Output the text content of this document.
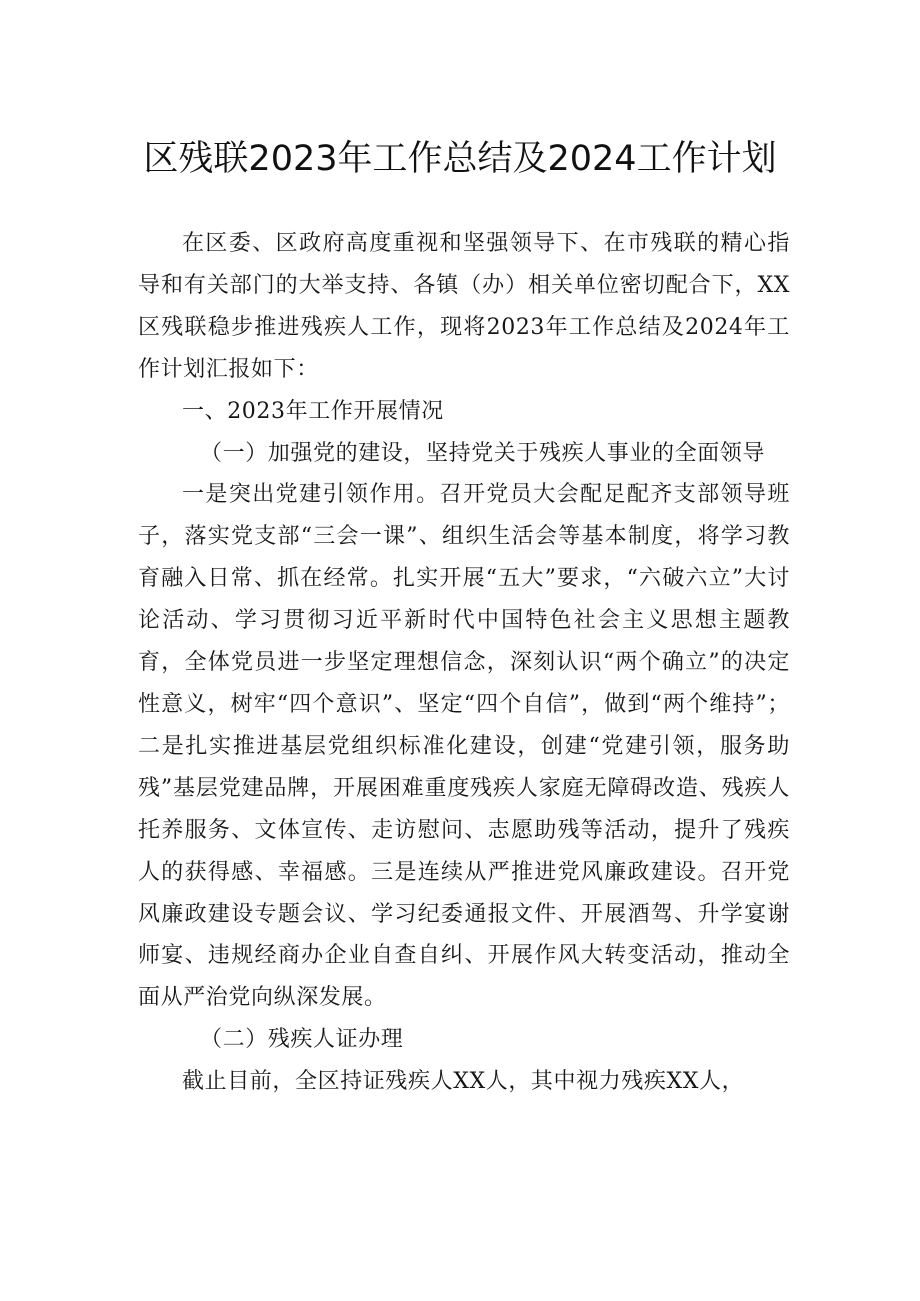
区残联2023年工作总结及2024工作计划

在区委、区政府高度重视和坚强领导下、在市残联的精心指导和有关部门的大举支持、各镇（办）相关单位密切配合下，XX区残联稳步推进残疾人工作，现将2023年工作总结及2024年工作计划汇报如下：

一、2023年工作开展情况

（一）加强党的建设，坚持党关于残疾人事业的全面领导

一是突出党建引领作用。召开党员大会配足配齐支部领导班子，落实党支部“三会一课”、组织生活会等基本制度，将学习教育融入日常、抓在经常。扎实开展“五大”要求，“六破六立”大讨论活动、学习贯彻习近平新时代中国特色社会主义思想主题教育，全体党员进一步坚定理想信念，深刻认识“两个确立”的决定性意义，树牢“四个意识”、坚定“四个自信”，做到“两个维持”；二是扎实推进基层党组织标准化建设，创建“党建引领，服务助残”基层党建品牌，开展困难重度残疾人家庭无障碍改造、残疾人托养服务、文体宣传、走访慰问、志愿助残等活动，提升了残疾人的获得感、幸福感。三是连续从严推进党风廉政建设。召开党风廉政建设专题会议、学习纪委通报文件、开展酒驾、升学宴谢师宴、违规经商办企业自查自纠、开展作风大转变活动，推动全面从严治党向纵深发展。

（二）残疾人证办理

截止目前，全区持证残疾人XX人，其中视力残疾XX人，
